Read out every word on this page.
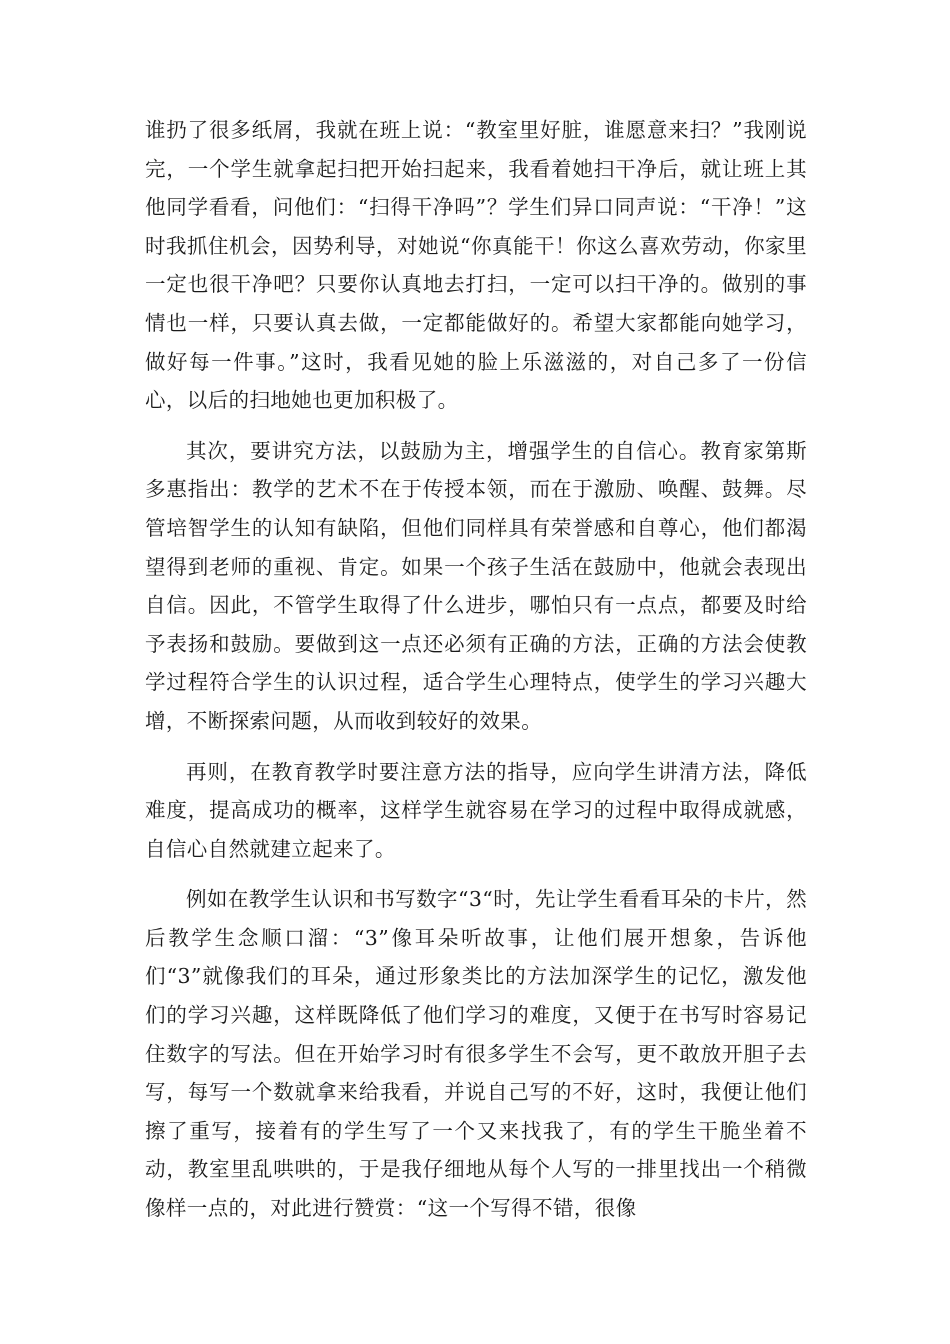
谁扔了很多纸屑，我就在班上说：“教室里好脏，谁愿意来扫？”我刚说完，一个学生就拿起扫把开始扫起来，我看着她扫干净后，就让班上其他同学看看，问他们：“扫得干净吗”？学生们异口同声说：“干净！”这时我抓住机会，因势利导，对她说“你真能干！你这么喜欢劳动，你家里一定也很干净吧？只要你认真地去打扫，一定可以扫干净的。做别的事情也一样，只要认真去做，一定都能做好的。希望大家都能向她学习，做好每一件事。”这时，我看见她的脸上乐滋滋的，对自己多了一份信心，以后的扫地她也更加积极了。

其次，要讲究方法，以鼓励为主，增强学生的自信心。教育家第斯多惠指出：教学的艺术不在于传授本领，而在于激励、唤醒、鼓舞。尽管培智学生的认知有缺陷，但他们同样具有荣誉感和自尊心，他们都渴望得到老师的重视、肯定。如果一个孩子生活在鼓励中，他就会表现出自信。因此，不管学生取得了什么进步，哪怕只有一点点，都要及时给予表扬和鼓励。要做到这一点还必须有正确的方法，正确的方法会使教学过程符合学生的认识过程，适合学生心理特点，使学生的学习兴趣大增，不断探索问题，从而收到较好的效果。

再则，在教育教学时要注意方法的指导，应向学生讲清方法，降低难度，提高成功的概率，这样学生就容易在学习的过程中取得成就感，自信心自然就建立起来了。

例如在教学生认识和书写数字“3“时，先让学生看看耳朵的卡片，然后教学生念顺口溜：“3”像耳朵听故事，让他们展开想象，告诉他们“3”就像我们的耳朵，通过形象类比的方法加深学生的记忆，激发他们的学习兴趣，这样既降低了他们学习的难度，又便于在书写时容易记住数字的写法。但在开始学习时有很多学生不会写，更不敢放开胆子去写，每写一个数就拿来给我看，并说自己写的不好，这时，我便让他们擦了重写，接着有的学生写了一个又来找我了，有的学生干脆坐着不动，教室里乱哄哄的，于是我仔细地从每个人写的一排里找出一个稍微像样一点的，对此进行赞赏：“这一个写得不错，很像
